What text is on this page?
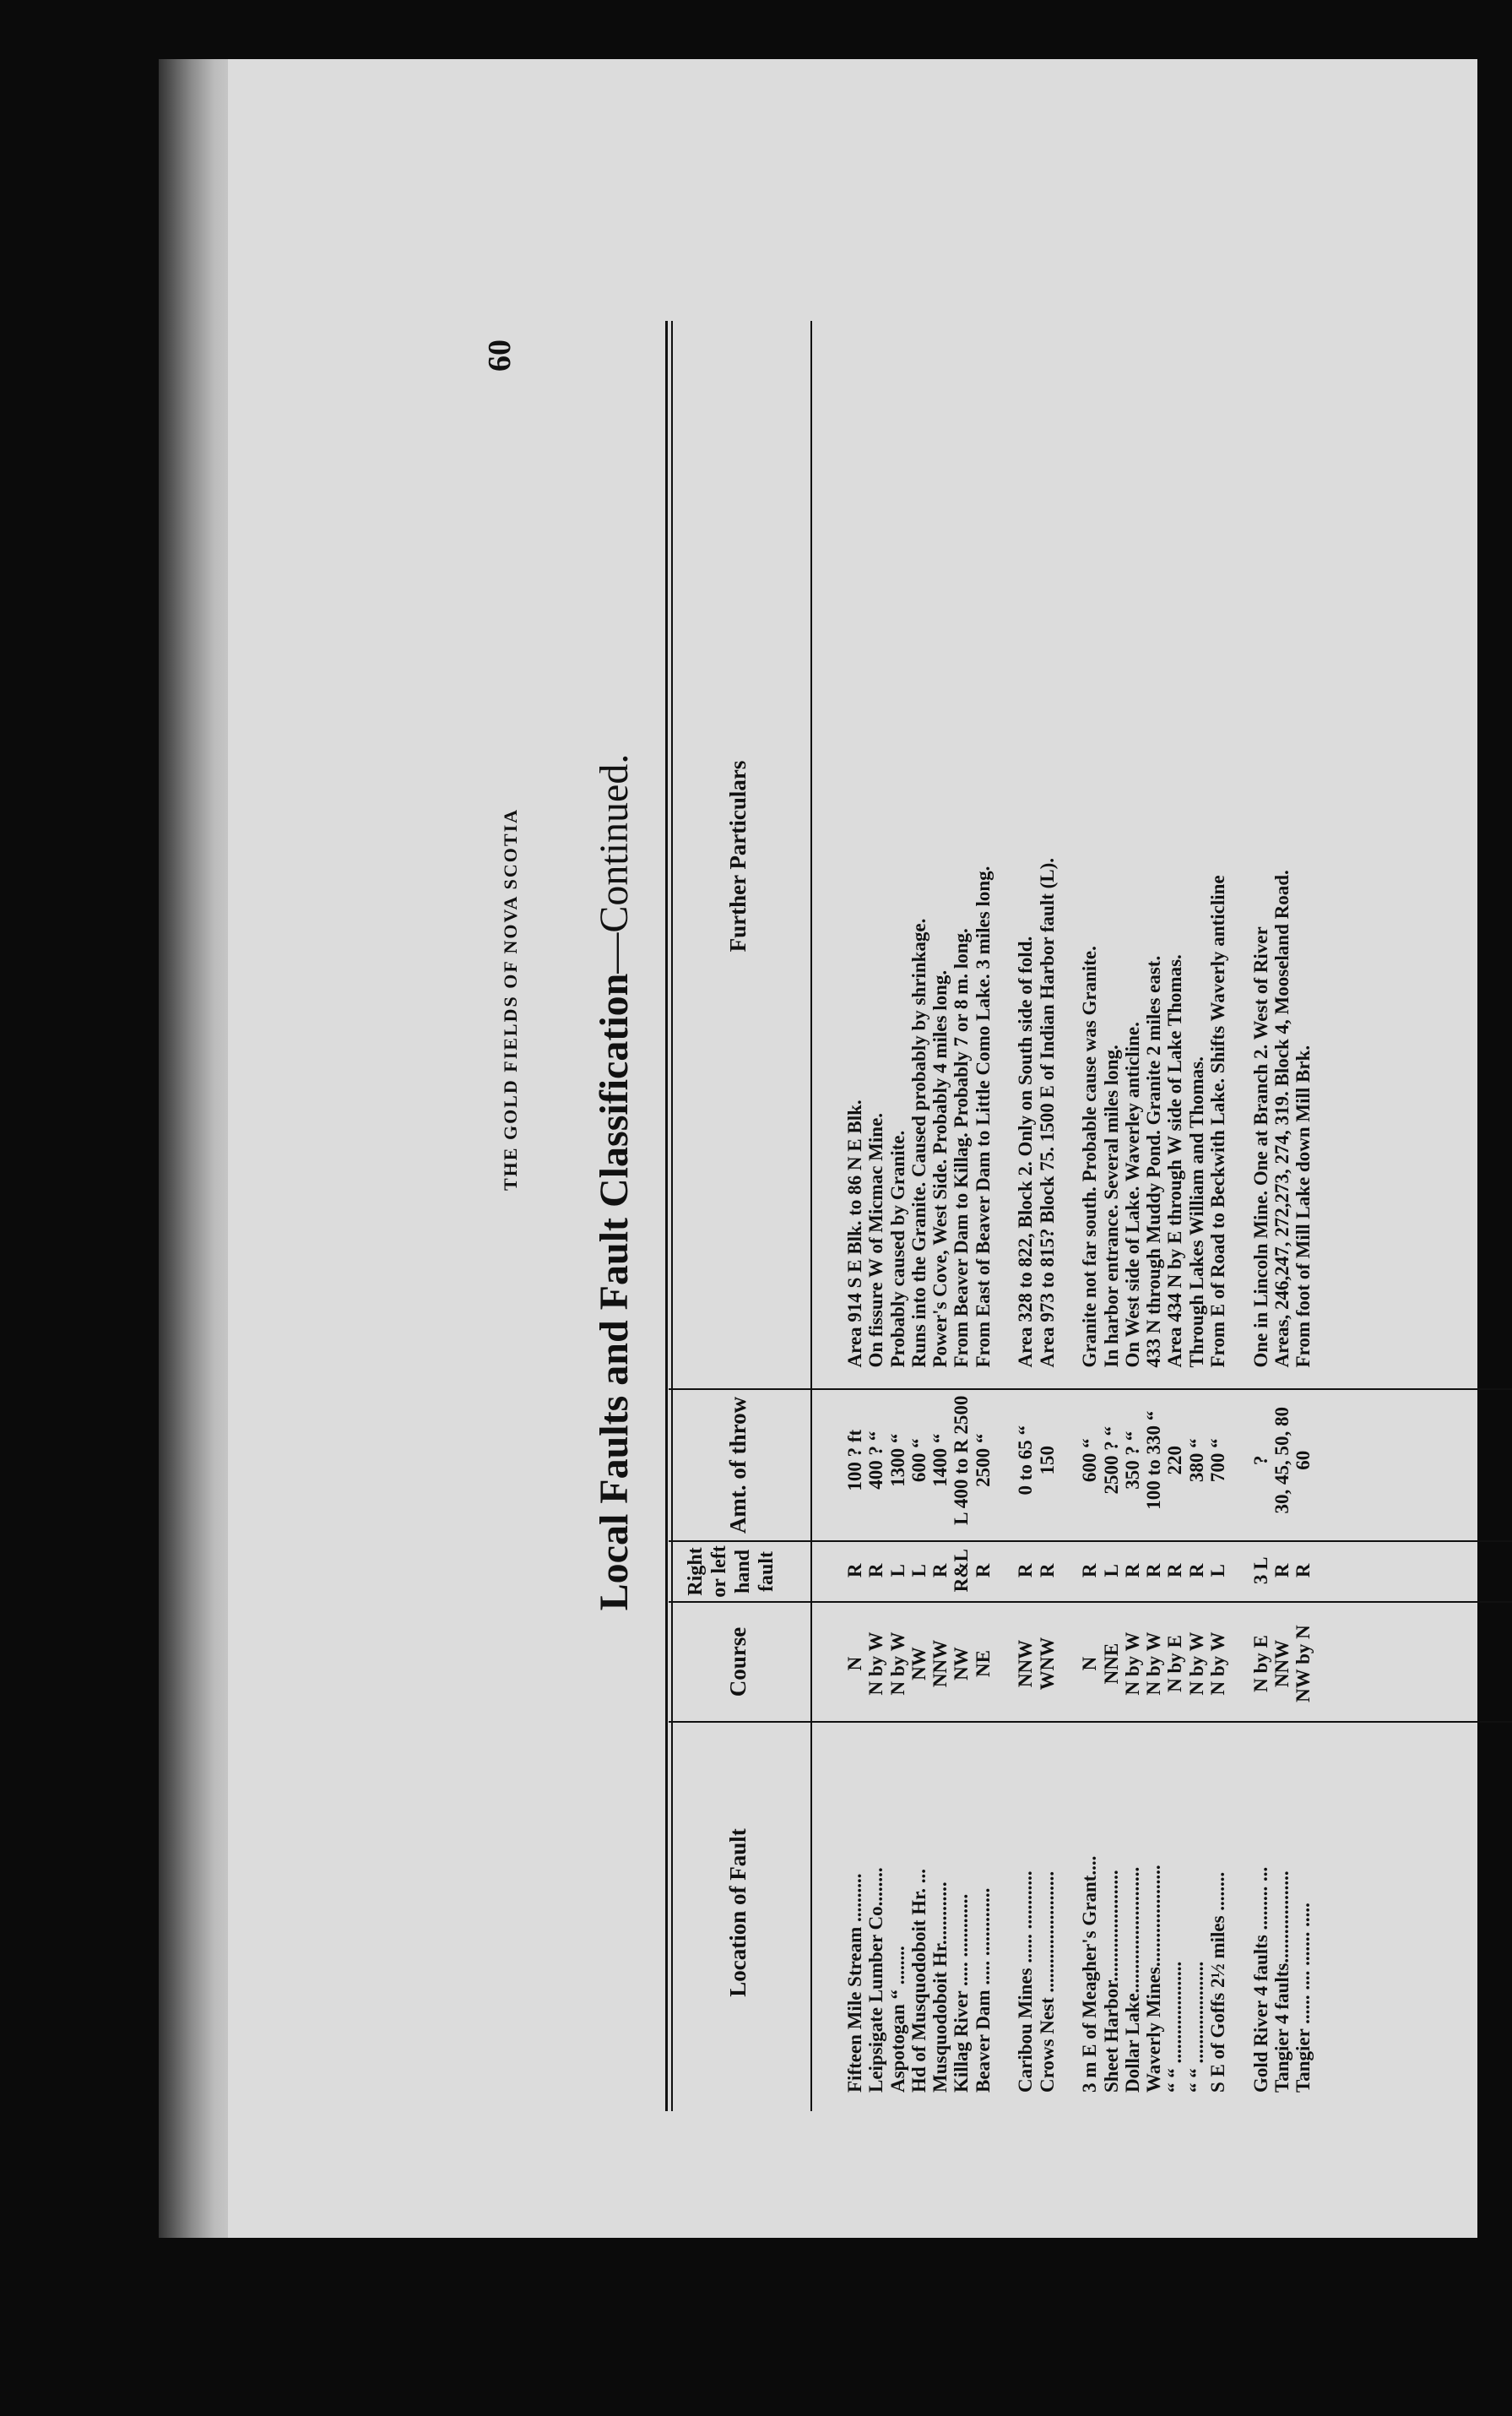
60
THE GOLD FIELDS OF NOVA SCOTIA Local Faults and Fault Classification—Continued.
Location of Fault
Course
Right or left hand fault
Amt. of throw
Further Particulars
Fifteen Mile Stream ..........	N	R	100 ? ft	Area 914 S E Blk. to 86 N E Blk.
Leipsigate Lumber Co........	N by W	R	400 ? “	On fissure W of Micmac Mine.
Aspotogan “ ........	N by W	L	1300 “	Probably caused by Granite.
Hd of Musquodoboit Hr. ...	NW	L	600 “	Runs into the Granite. Caused probably by shrinkage.
Musquodoboit Hr.............	NNW	R	1400 “	Power's Cove, West Side. Probably 4 miles long.
Killag River ..... .............	NW	R&L	L 400 to R 2500	From Beaver Dam to Killag. Probably 7 or 8 m. long.
Beaver Dam ..... ..............	NE	R	2500 “	From East of Beaver Dam to Little Como Lake. 3 miles long.

Caribou Mines ...... ............	NNW	R	0 to 65 “	Area 328 to 822, Block 2. Only on South side of fold.
Crows Nest .........................	WNW	R	150	Area 973 to 815? Block 75. 1500 E of Indian Harbor fault (L).

3 m E of Meagher's Grant....	N	R	600 “	Granite not far south. Probable cause was Granite.
Sheet Harbor.......................	NNE	L	2500 ? “	In harbor entrance. Several miles long.
Dollar Lake..........................	N by W	R	350 ? “	On West side of Lake. Waverley anticline.
Waverly Mines.....................	N by W	R	100 to 330 “	433 N through Muddy Pond. Granite 2 miles east.
“ “ .....................	N by E	R	220	Area 434 N by E through W side of Lake Thomas.
“ “ .....................	N by W	R	380 “	Through Lakes William and Thomas.
S E of Goffs 2½ miles ........	N by W	L	700 “	From E of Road to Beckwith Lake. Shifts Waverly anticline

Gold River 4 faults ......... ...	N by E	3 L	?	One in Lincoln Mine. One at Branch 2. West of River
Tangier 4 faults...................	NNW	R	30, 45, 50, 80	Areas, 246,247, 272,273, 274, 319. Block 4, Mooseland Road.
Tangier ...... .... ....... .....	NW by N	R	60	From foot of Mill Lake down Mill Brk.
